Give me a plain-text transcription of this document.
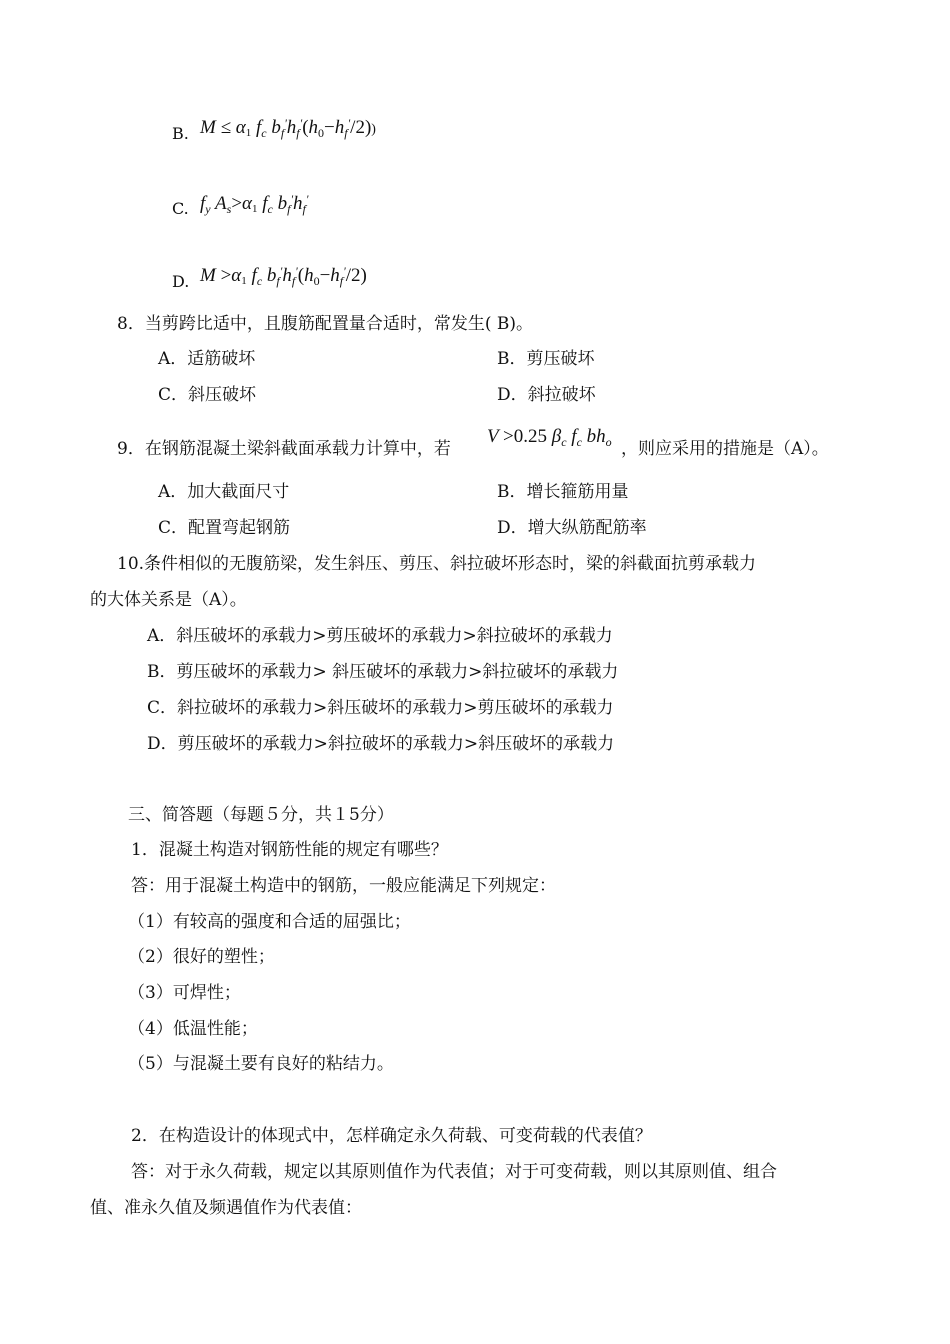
B. M ≤ α1 $f_c$ $b_f'h_f'(h_0-h_f'/2)$)
C. $f_y$ $A_s>\alpha 1$ $f_c$ $b_f'h_f'$
D. M >α1 $f_c$ $b_f'h_f'(h_0-h_f'/2)$
8．当剪跨比适中，且腹筋配置量合适时，常发生( B)。
A．适筋破坏	B．剪压破坏
C．斜压破坏	D．斜拉破坏
9．在钢筋混凝土梁斜截面承载力计算中，若
V >0.25 $\beta_c$ $f_c$ $bh_o$ ，则应采用的措施是（A）。
A．加大截面尺寸	B．增长箍筋用量
C．配置弯起钢筋	D．增大纵筋配筋率
10.条件相似的无腹筋梁，发生斜压、剪压、斜拉破坏形态时，梁的斜截面抗剪承载力
的大体关系是（A）。
A．斜压破坏的承载力>剪压破坏的承载力>斜拉破坏的承载力
B．剪压破坏的承载力> 斜压破坏的承载力>斜拉破坏的承载力
C．斜拉破坏的承载力>斜压破坏的承载力>剪压破坏的承载力
D．剪压破坏的承载力>斜拉破坏的承载力>斜压破坏的承载力
三、简答题（每题５分，共１5分）
1．混凝土构造对钢筋性能的规定有哪些？
答：用于混凝土构造中的钢筋，一般应能满足下列规定：
（1）有较高的强度和合适的屈强比；
（2）很好的塑性；
（3）可焊性；
（4）低温性能；
（5）与混凝土要有良好的粘结力。
2．在构造设计的体现式中，怎样确定永久荷载、可变荷载的代表值？
答：对于永久荷载，规定以其原则值作为代表值；对于可变荷载，则以其原则值、组合
值、准永久值及频遇值作为代表值：
